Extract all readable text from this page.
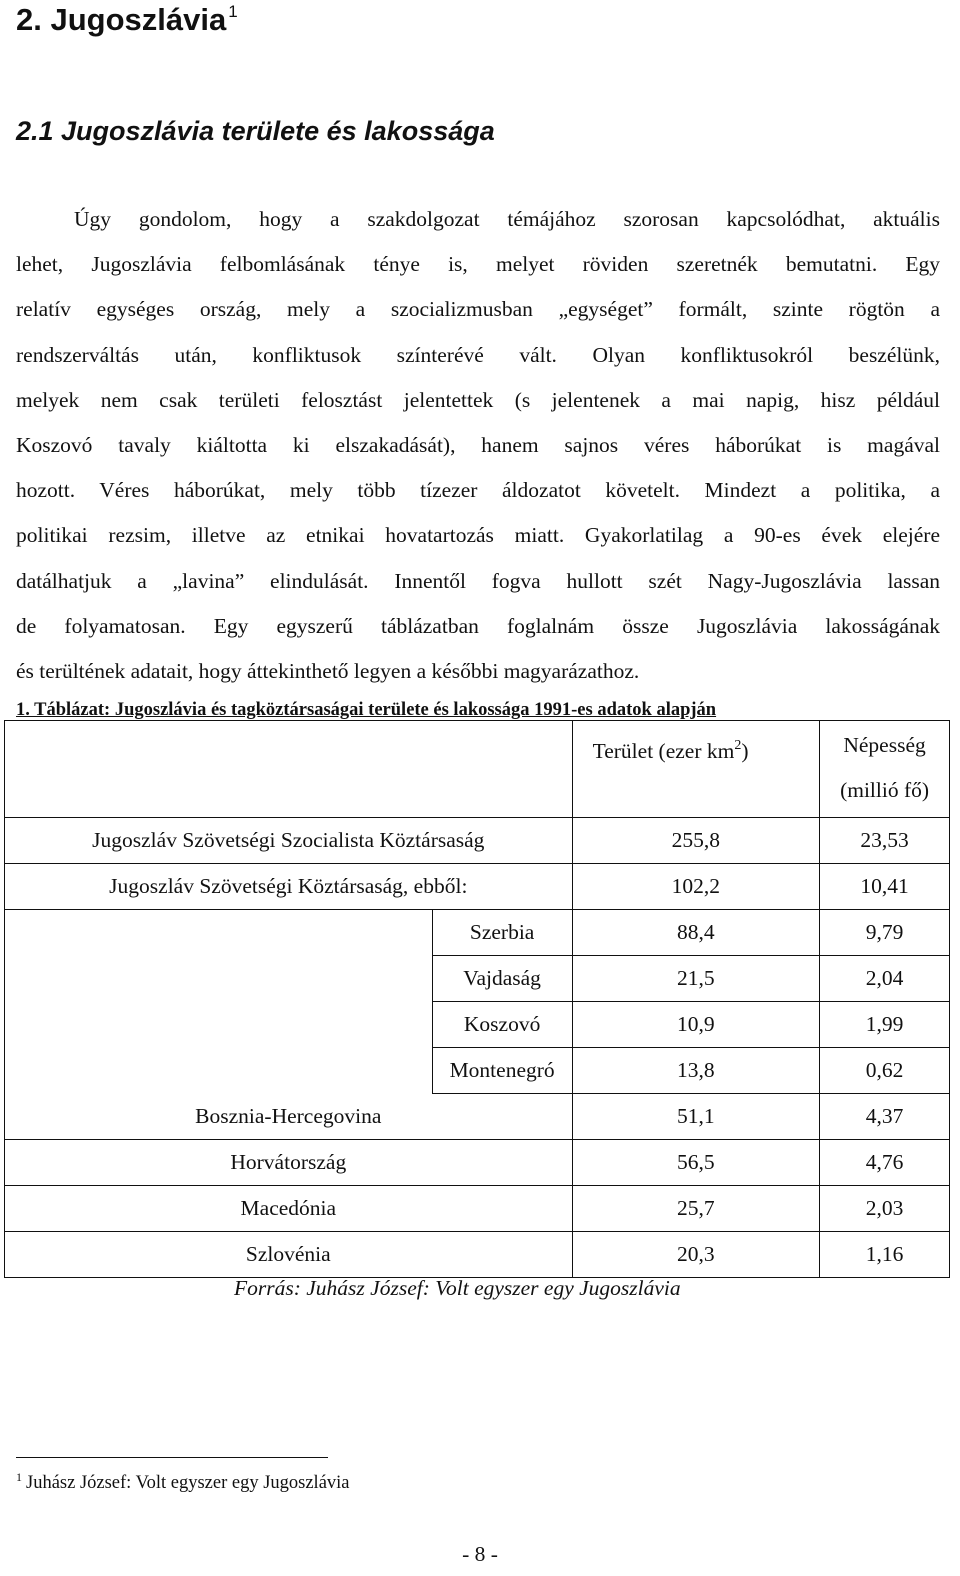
2. Jugoszlávia $^1$
2.1 Jugoszlávia területe és lakossága
Úgy gondolom, hogy a szakdolgozat témájához szorosan kapcsolódhat, aktuális
lehet, Jugoszlávia felbomlásának ténye is, melyet röviden szeretnék bemutatni. Egy
relatív egységes ország, mely a szocializmusban „egységet” formált, szinte rögtön a
rendszerváltás után, konfliktusok színterévé vált. Olyan konfliktusokról beszélünk,
melyek nem csak területi felosztást jelentettek (s jelentenek a mai napig, hisz például
Koszovó tavaly kiáltotta ki elszakadását), hanem sajnos véres háborúkat is magával
hozott. Véres háborúkat, mely több tízezer áldozatot követelt. Mindezt a politika, a
politikai rezsim, illetve az etnikai hovatartozás miatt. Gyakorlatilag a 90-es évek elejére
datálhatjuk a „lavina” elindulását. Innentől fogva hullott szét Nagy-Jugoszlávia lassan
de folyamatosan. Egy egyszerű táblázatban foglalnám össze Jugoszlávia lakosságának
és terültének adatait, hogy áttekinthető legyen a későbbi magyarázathoz.

1. Táblázat: Jugoszlávia és tagköztársaságai területe és lakossága 1991-es adatok alapján

		Terület (ezer $km^2$)	Népesség
(millió fő)

Jugoszláv Szövetségi Szocialista Köztársaság		255,8	23,53
Jugoszláv Szövetségi Köztársaság, ebből:		102,2	10,41
	Szerbia	88,4	9,79
	Vajdaság	21,5	2,04
	Koszovó	10,9	1,99
	Montenegró	13,8	0,62
Bosznia-Hercegovina		51,1	4,37
Horvátország		56,5	4,76
Macedónia		25,7	2,03
Szlovénia		20,3	1,16

Forrás: Juhász József: Volt egyszer egy Jugoszlávia

$^1$ Juhász József: Volt egyszer egy Jugoszlávia

- 8 -
